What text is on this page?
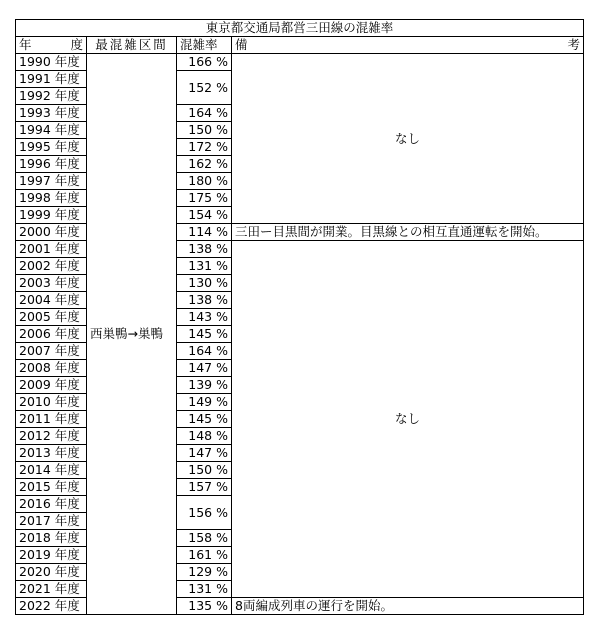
東京都交通局都営三田線の混雑率			

年 度	最混雑区間	混雑率	備 考

1990 年度	西巣鴨→巣鴨	166 %	なし
1991 年度		152 %	
1992 年度			
1993 年度		164 %	
1994 年度		150 %	
1995 年度		172 %	
1996 年度		162 %	
1997 年度		180 %	
1998 年度		175 %	
1999 年度		154 %	
2000 年度		114 %	三田ー目黒間が開業。目黒線との相互直通運転を開始。
2001 年度		138 %	なし
2002 年度		131 %	
2003 年度		130 %	
2004 年度		138 %	
2005 年度		143 %	
2006 年度		145 %	
2007 年度		164 %	
2008 年度		147 %	
2009 年度		139 %	
2010 年度		149 %	
2011 年度		145 %	
2012 年度		148 %	
2013 年度		147 %	
2014 年度		150 %	
2015 年度		157 %	
2016 年度		156 %	
2017 年度			
2018 年度		158 %	
2019 年度		161 %	
2020 年度		129 %	
2021 年度		131 %	
2022 年度		135 %	8両編成列車の運行を開始。
